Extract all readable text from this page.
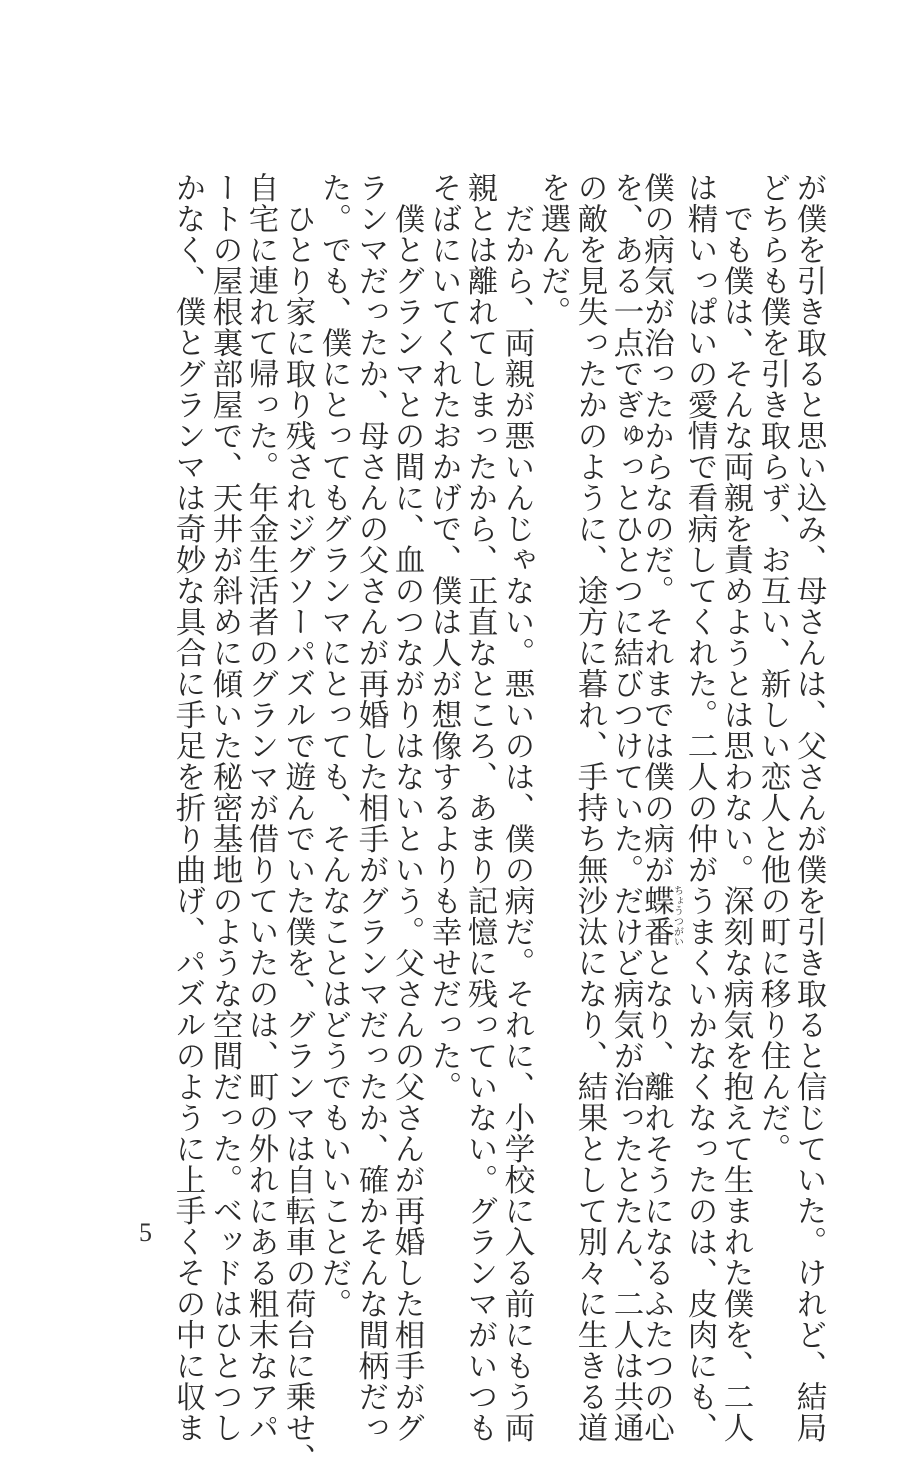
が僕を引き取ると思い込み、母さんは、父さんが僕を引き取ると信じていた。けれど、結局
どちらも僕を引き取らず、お互い、新しい恋人と他の町に移り住んだ。
　でも僕は、そんな両親を責めようとは思わない。深刻な病気を抱えて生まれた僕を、二人
は精いっぱいの愛情で看病してくれた。二人の仲がうまくいかなくなったのは、皮肉にも、
僕の病気が治ったからなのだ。それまでは僕の病が蝶番ちょうつがいとなり、離れそうになるふたつの心
を、ある一点でぎゅっとひとつに結びつけていた。だけど病気が治ったとたん、二人は共通
の敵を見失ったかのように、途方に暮れ、手持ち無沙汰になり、結果として別々に生きる道
を選んだ。
　だから、両親が悪いんじゃない。悪いのは、僕の病だ。それに、小学校に入る前にもう両
親とは離れてしまったから、正直なところ、あまり記憶に残っていない。グランマがいつも
そばにいてくれたおかげで、僕は人が想像するよりも幸せだった。
　僕とグランマとの間に、血のつながりはないという。父さんの父さんが再婚した相手がグ
ランマだったか、母さんの父さんが再婚した相手がグランマだったか、確かそんな間柄だっ
た。でも、僕にとってもグランマにとっても、そんなことはどうでもいいことだ。
　ひとり家に取り残されジグソーパズルで遊んでいた僕を、グランマは自転車の荷台に乗せ、
自宅に連れて帰った。年金生活者のグランマが借りていたのは、町の外れにある粗末なアパ
ートの屋根裏部屋で、天井が斜めに傾いた秘密基地のような空間だった。ベッドはひとつし
かなく、僕とグランマは奇妙な具合に手足を折り曲げ、パズルのように上手くその中に収ま
5
